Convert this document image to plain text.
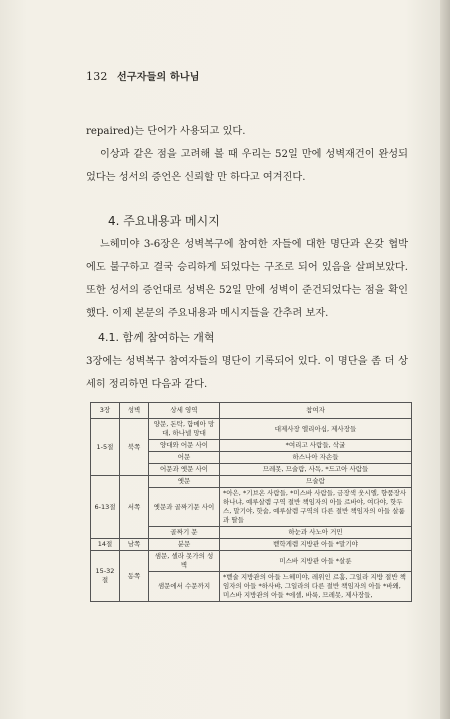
132 선구자들의 하나님
repaired)는 단어가 사용되고 있다.
이상과 같은 점을 고려해 볼 때 우리는 52일 만에 성벽재건이 완성되었다는 성서의 증언은 신뢰할 만 하다고 여겨진다.
4. 주요내용과 메시지
느헤미야 3-6장은 성벽복구에 참여한 자들에 대한 명단과 온갖 협박에도 불구하고 결국 승리하게 되었다는 구조로 되어 있음을 살펴보았다. 또한 성서의 증언대로 성벽은 52일 만에 성벽이 준건되었다는 점을 확인했다. 이제 본문의 주요내용과 메시지들을 간추려 보자.
4.1. 함께 참여하는 개혁
3장에는 성벽복구 참여자들의 명단이 기록되어 있다. 이 명단을 좀 더 상세히 정리하면 다음과 같다.
3장	성벽	상세 영역	참여자
1-5절	북쪽	양문, 돈탁, 함메아 망대, 하나넬 망대	대제사장 엘리아십, 제사장들
		양대와 어문 사이	*여리고 사람들, 삭굴
		어문	하스나아 자손들
		어문과 옛문 사이	므레못, 므술람, 사독, *드고아 사람들
6-13절	서쪽	옛문	므술람
		옛문과 골짜기문 사이	*아은, *기브온 사람들, *미스바 사람들, 금장색 웃시엘, 향품장사 하나냐, 예루살렘 구역 절반 책임자의 아들 르바야, 여다야, 핫두스, 말기야, 핫숩, 예루살렘 구역의 다른 절반 책임자의 아들 살룸과 딸들
		골짜기 문	하눈과 사노아 거민
14절	남쪽	분문	벧학게렘 지방관 아들 *말기야
15-32절	동쪽	샘문, 셀라 못가의 성벽	미스바 지방관 아들 *살룬
		샘문에서 수문까지	*벧술 지방관의 아들 느헤미야, 레위인 르훔, 그일라 지방 절반 책임자의 아들 *하사뱌, 그일라의 다른 절반 책임자의 아들 *바왜, 미스바 지방관의 아들 *에셀, 바룩, 므레못, 제사장들,
